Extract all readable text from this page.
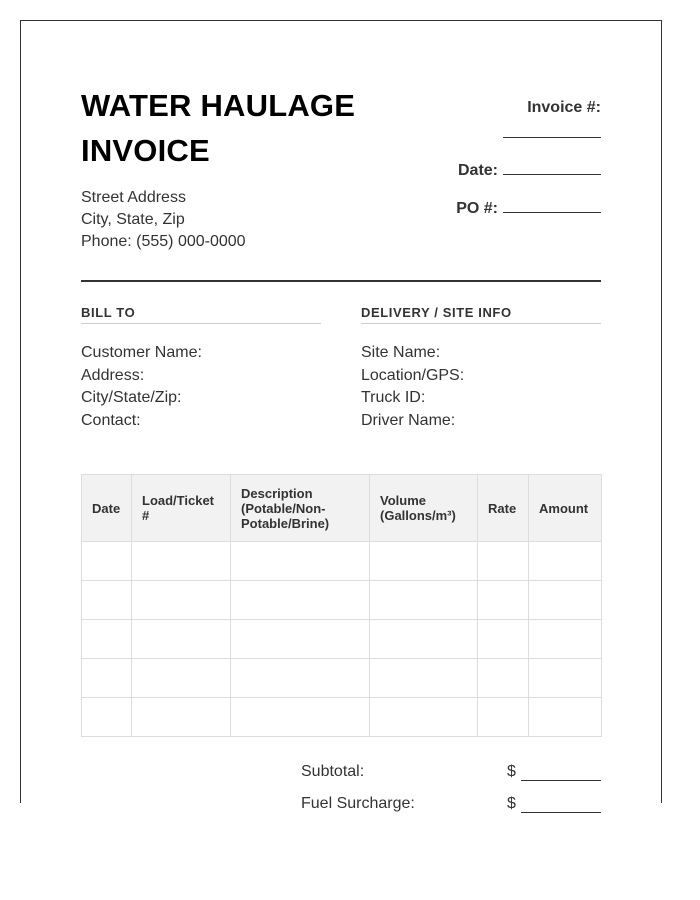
WATER HAULAGE
INVOICE
Street Address
City, State, Zip
Phone: (555) 000-0000
Invoice #:
Date:
PO #:
BILL TO
Customer Name:
Address:
City/State/Zip:
Contact:
DELIVERY / SITE INFO
Site Name:
Location/GPS:
Truck ID:
Driver Name:
Date	Load/Ticket #	Description (Potable/Non-Potable/Brine)	Volume (Gallons/m³)	Rate	Amount

Subtotal:	$
Fuel Surcharge:	$
